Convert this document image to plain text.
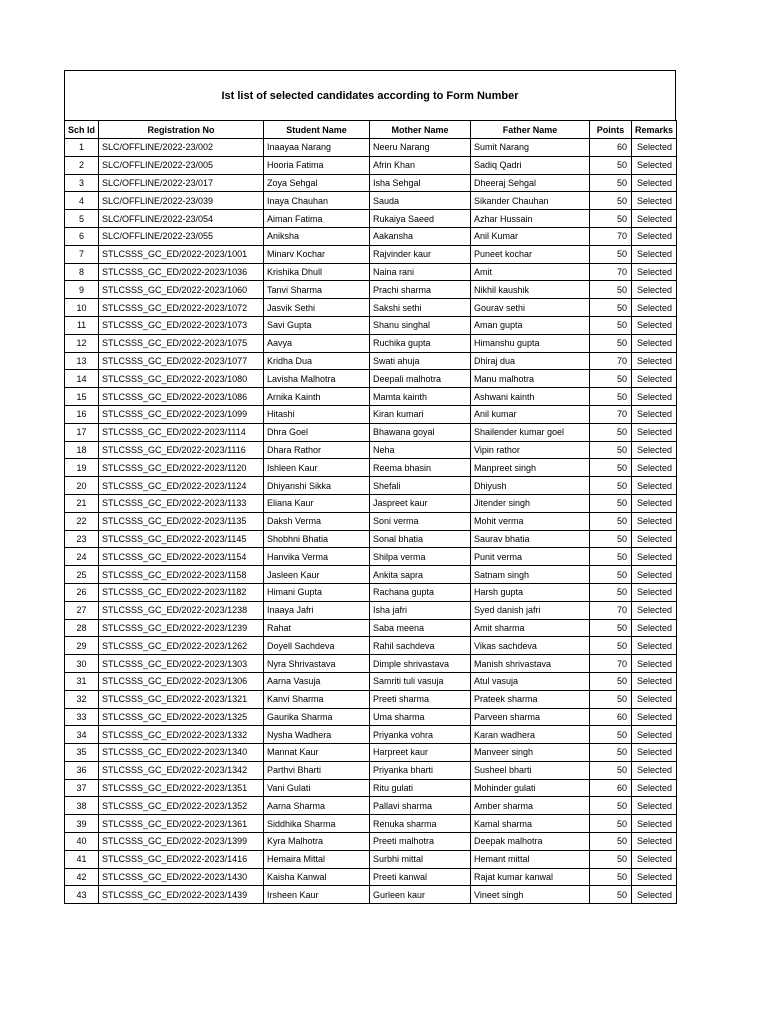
Ist list of selected candidates according to Form Number
Sch Id	Registration No	Student Name	Mother Name	Father Name	Points	Remarks
1	SLC/OFFLINE/2022-23/002	Inaayaa Narang	Neeru Narang	Sumit Narang	60	Selected
2	SLC/OFFLINE/2022-23/005	Hooria Fatima	Afrin Khan	Sadiq Qadri	50	Selected
3	SLC/OFFLINE/2022-23/017	Zoya Sehgal	Isha Sehgal	Dheeraj Sehgal	50	Selected
4	SLC/OFFLINE/2022-23/039	Inaya Chauhan	Sauda	Sikander Chauhan	50	Selected
5	SLC/OFFLINE/2022-23/054	Aiman Fatima	Rukaiya Saeed	Azhar Hussain	50	Selected
6	SLC/OFFLINE/2022-23/055	Aniksha	Aakansha	Anil Kumar	70	Selected
7	STLCSSS_GC_ED/2022-2023/1001	Minarv Kochar	Rajvinder kaur	Puneet kochar	50	Selected
8	STLCSSS_GC_ED/2022-2023/1036	Krishika Dhull	Naina rani	Amit	70	Selected
9	STLCSSS_GC_ED/2022-2023/1060	Tanvi Sharma	Prachi sharma	Nikhil kaushik	50	Selected
10	STLCSSS_GC_ED/2022-2023/1072	Jasvik Sethi	Sakshi sethi	Gourav sethi	50	Selected
11	STLCSSS_GC_ED/2022-2023/1073	Savi Gupta	Shanu singhal	Aman gupta	50	Selected
12	STLCSSS_GC_ED/2022-2023/1075	Aavya	Ruchika gupta	Himanshu gupta	50	Selected
13	STLCSSS_GC_ED/2022-2023/1077	Kridha Dua	Swati ahuja	Dhiraj dua	70	Selected
14	STLCSSS_GC_ED/2022-2023/1080	Lavisha Malhotra	Deepali malhotra	Manu malhotra	50	Selected
15	STLCSSS_GC_ED/2022-2023/1086	Arnika Kainth	Mamta kainth	Ashwani kainth	50	Selected
16	STLCSSS_GC_ED/2022-2023/1099	Hitashi	Kiran kumari	Anil kumar	70	Selected
17	STLCSSS_GC_ED/2022-2023/1114	Dhra Goel	Bhawana goyal	Shailender kumar goel	50	Selected
18	STLCSSS_GC_ED/2022-2023/1116	Dhara Rathor	Neha	Vipin rathor	50	Selected
19	STLCSSS_GC_ED/2022-2023/1120	Ishleen Kaur	Reema bhasin	Manpreet singh	50	Selected
20	STLCSSS_GC_ED/2022-2023/1124	Dhiyanshi Sikka	Shefali	Dhiyush	50	Selected
21	STLCSSS_GC_ED/2022-2023/1133	Eliana Kaur	Jaspreet kaur	Jitender singh	50	Selected
22	STLCSSS_GC_ED/2022-2023/1135	Daksh Verma	Soni verma	Mohit verma	50	Selected
23	STLCSSS_GC_ED/2022-2023/1145	Shobhni Bhatia	Sonal bhatia	Saurav bhatia	50	Selected
24	STLCSSS_GC_ED/2022-2023/1154	Hanvika Verma	Shilpa verma	Punit verma	50	Selected
25	STLCSSS_GC_ED/2022-2023/1158	Jasleen Kaur	Ankita sapra	Satnam singh	50	Selected
26	STLCSSS_GC_ED/2022-2023/1182	Himani Gupta	Rachana gupta	Harsh gupta	50	Selected
27	STLCSSS_GC_ED/2022-2023/1238	Inaaya Jafri	Isha jafri	Syed danish jafri	70	Selected
28	STLCSSS_GC_ED/2022-2023/1239	Rahat	Saba meena	Amit sharma	50	Selected
29	STLCSSS_GC_ED/2022-2023/1262	Doyell Sachdeva	Rahil sachdeva	Vikas sachdeva	50	Selected
30	STLCSSS_GC_ED/2022-2023/1303	Nyra Shrivastava	Dimple shrivastava	Manish shrivastava	70	Selected
31	STLCSSS_GC_ED/2022-2023/1306	Aarna Vasuja	Samriti tuli vasuja	Atul vasuja	50	Selected
32	STLCSSS_GC_ED/2022-2023/1321	Kanvi Sharma	Preeti sharma	Prateek sharma	50	Selected
33	STLCSSS_GC_ED/2022-2023/1325	Gaurika Sharma	Uma sharma	Parveen sharma	60	Selected
34	STLCSSS_GC_ED/2022-2023/1332	Nysha Wadhera	Priyanka vohra	Karan wadhera	50	Selected
35	STLCSSS_GC_ED/2022-2023/1340	Mannat Kaur	Harpreet kaur	Manveer singh	50	Selected
36	STLCSSS_GC_ED/2022-2023/1342	Parthvi Bharti	Priyanka bharti	Susheel bharti	50	Selected
37	STLCSSS_GC_ED/2022-2023/1351	Vani Gulati	Ritu gulati	Mohinder gulati	60	Selected
38	STLCSSS_GC_ED/2022-2023/1352	Aarna Sharma	Pallavi sharma	Amber sharma	50	Selected
39	STLCSSS_GC_ED/2022-2023/1361	Siddhika Sharma	Renuka sharma	Kamal sharma	50	Selected
40	STLCSSS_GC_ED/2022-2023/1399	Kyra Malhotra	Preeti malhotra	Deepak malhotra	50	Selected
41	STLCSSS_GC_ED/2022-2023/1416	Hemaira Mittal	Surbhi mittal	Hemant mittal	50	Selected
42	STLCSSS_GC_ED/2022-2023/1430	Kaisha Kanwal	Preeti kanwal	Rajat kumar kanwal	50	Selected
43	STLCSSS_GC_ED/2022-2023/1439	Irsheen Kaur	Gurleen kaur	Vineet singh	50	Selected
